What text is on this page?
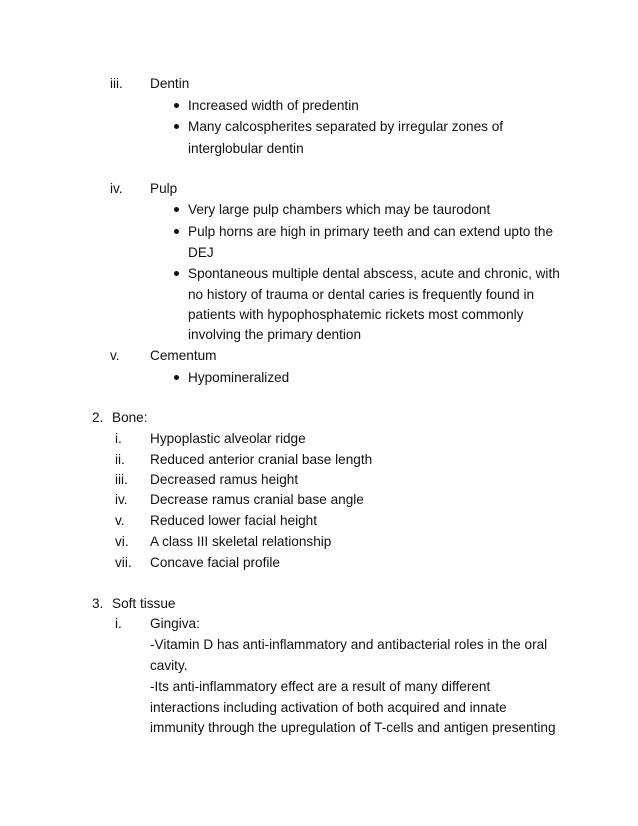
iii. Dentin
Increased width of predentin
Many calcospherites separated by irregular zones of
interglobular dentin
iv. Pulp
Very large pulp chambers which may be taurodont
Pulp horns are high in primary teeth and can extend upto the
DEJ
Spontaneous multiple dental abscess, acute and chronic, with
no history of trauma or dental caries is frequently found in
patients with hypophosphatemic rickets most commonly
involving the primary dention
v. Cementum
Hypomineralized
2. Bone:
i. Hypoplastic alveolar ridge
ii. Reduced anterior cranial base length
iii. Decreased ramus height
iv. Decrease ramus cranial base angle
v. Reduced lower facial height
vi. A class III skeletal relationship
vii. Concave facial profile
3. Soft tissue
i. Gingiva:
-Vitamin D has anti-inflammatory and antibacterial roles in the oral
cavity.
-Its anti-inflammatory effect are a result of many different
interactions including activation of both acquired and innate
immunity through the upregulation of T-cells and antigen presenting
